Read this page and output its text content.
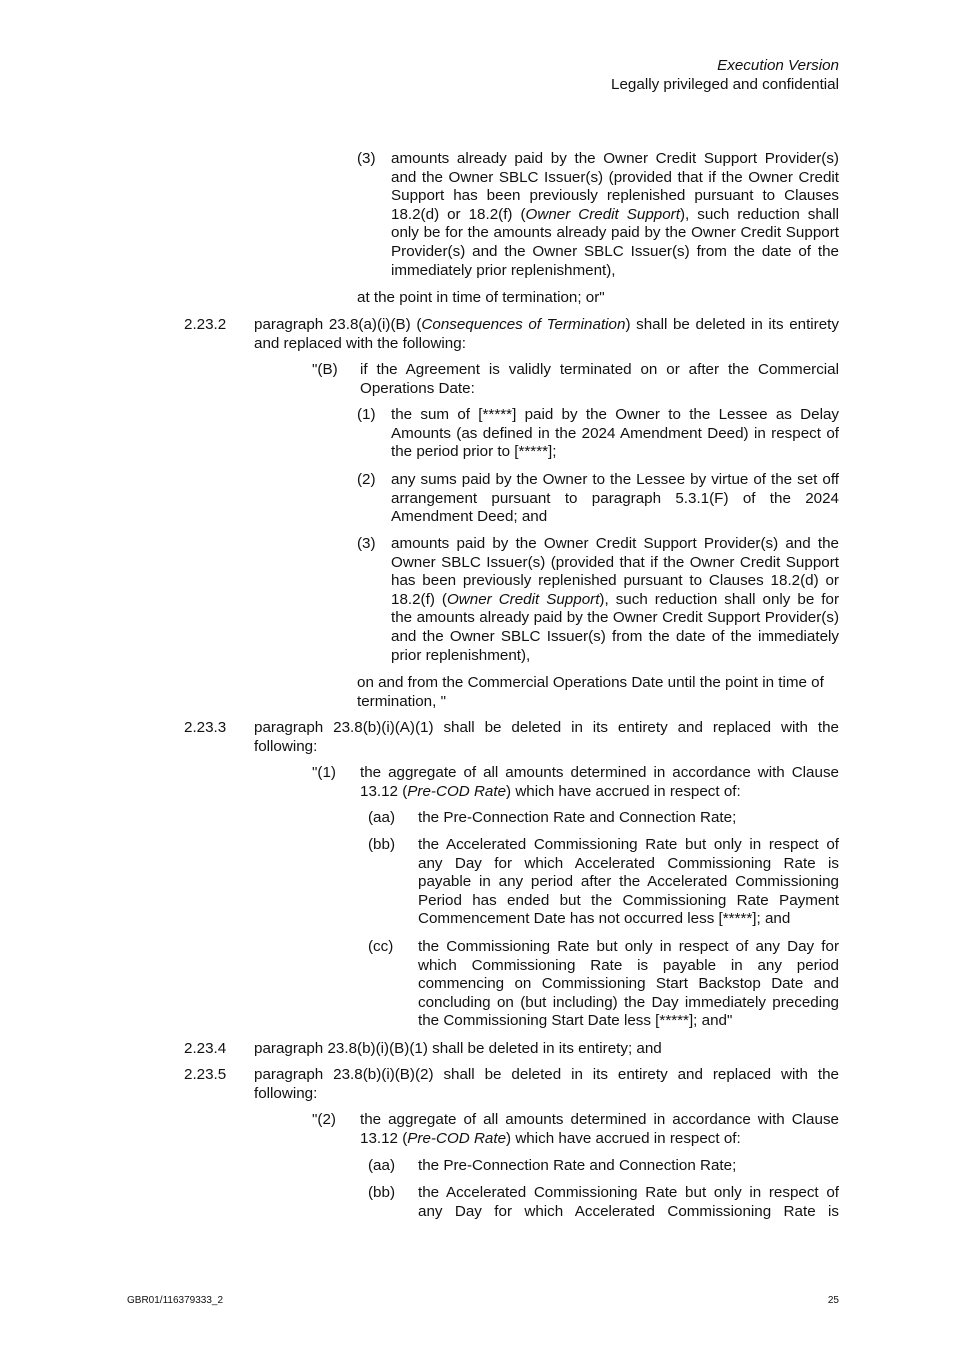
Execution Version
Legally privileged and confidential
(3) amounts already paid by the Owner Credit Support Provider(s) and the Owner SBLC Issuer(s) (provided that if the Owner Credit Support has been previously replenished pursuant to Clauses 18.2(d) or 18.2(f) (Owner Credit Support), such reduction shall only be for the amounts already paid by the Owner Credit Support Provider(s) and the Owner SBLC Issuer(s) from the date of the immediately prior replenishment),
at the point in time of termination; or"
2.23.2 paragraph 23.8(a)(i)(B) (Consequences of Termination) shall be deleted in its entirety and replaced with the following:
"(B) if the Agreement is validly terminated on or after the Commercial Operations Date:
(1) the sum of [*****] paid by the Owner to the Lessee as Delay Amounts (as defined in the 2024 Amendment Deed) in respect of the period prior to [*****];
(2) any sums paid by the Owner to the Lessee by virtue of the set off arrangement pursuant to paragraph 5.3.1(F) of the 2024 Amendment Deed; and
(3) amounts paid by the Owner Credit Support Provider(s) and the Owner SBLC Issuer(s) (provided that if the Owner Credit Support has been previously replenished pursuant to Clauses 18.2(d) or 18.2(f) (Owner Credit Support), such reduction shall only be for the amounts already paid by the Owner Credit Support Provider(s) and the Owner SBLC Issuer(s) from the date of the immediately prior replenishment),
on and from the Commercial Operations Date until the point in time of termination, "
2.23.3 paragraph 23.8(b)(i)(A)(1) shall be deleted in its entirety and replaced with the following:
"(1) the aggregate of all amounts determined in accordance with Clause 13.12 (Pre-COD Rate) which have accrued in respect of:
(aa) the Pre-Connection Rate and Connection Rate;
(bb) the Accelerated Commissioning Rate but only in respect of any Day for which Accelerated Commissioning Rate is payable in any period after the Accelerated Commissioning Period has ended but the Commissioning Rate Payment Commencement Date has not occurred less [*****]; and
(cc) the Commissioning Rate but only in respect of any Day for which Commissioning Rate is payable in any period commencing on Commissioning Start Backstop Date and concluding on (but including) the Day immediately preceding the Commissioning Start Date less [*****]; and"
2.23.4 paragraph 23.8(b)(i)(B)(1) shall be deleted in its entirety; and
2.23.5 paragraph 23.8(b)(i)(B)(2) shall be deleted in its entirety and replaced with the following:
"(2) the aggregate of all amounts determined in accordance with Clause 13.12 (Pre-COD Rate) which have accrued in respect of:
(aa) the Pre-Connection Rate and Connection Rate;
(bb) the Accelerated Commissioning Rate but only in respect of any Day for which Accelerated Commissioning Rate is
GBR01/116379333_2	25
